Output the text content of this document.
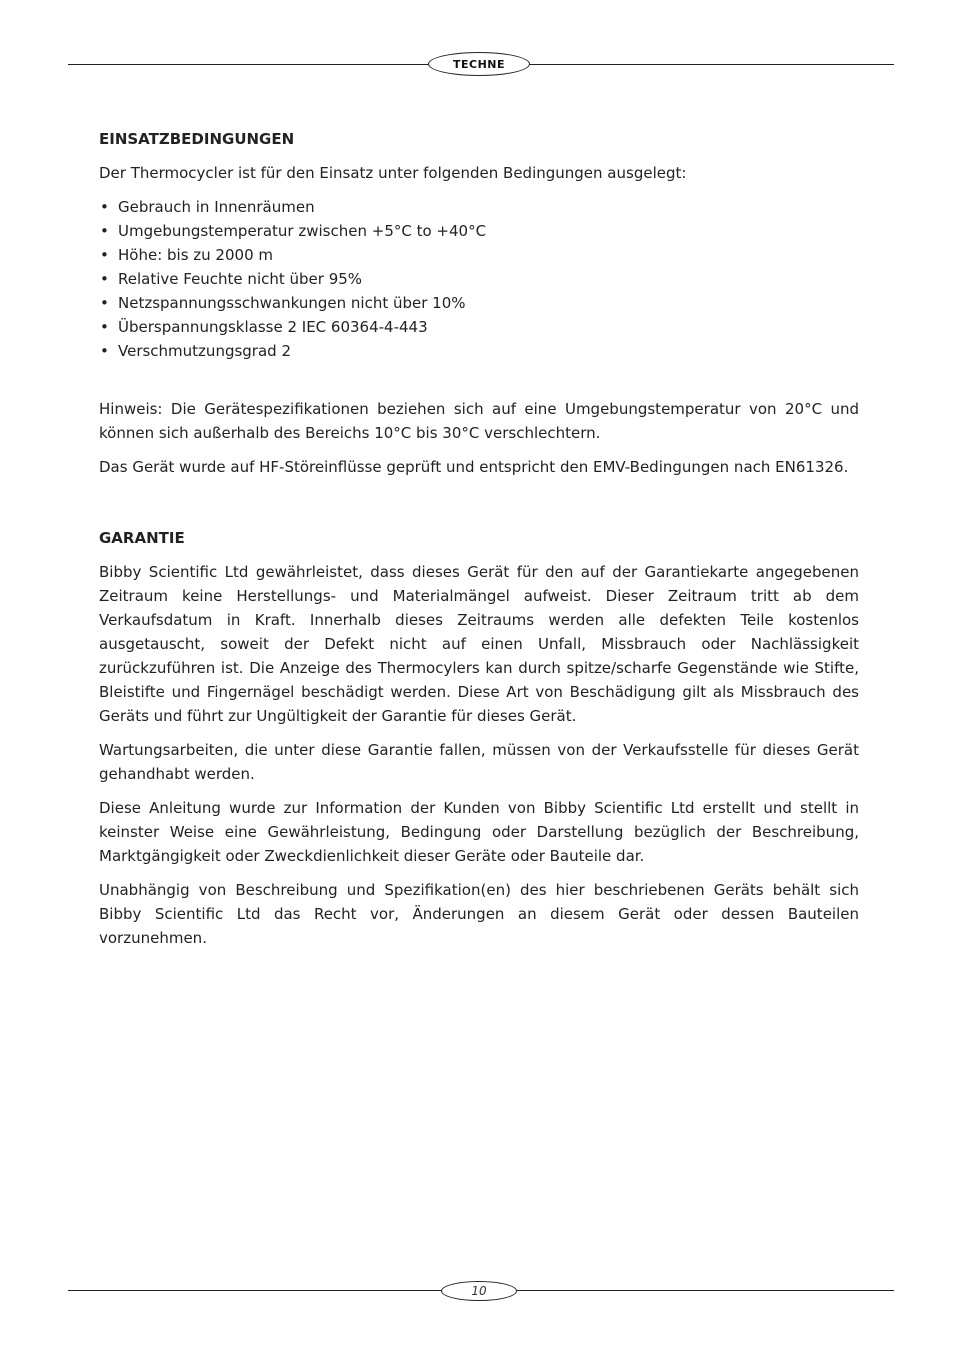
TECHNE
EINSATZBEDINGUNGEN

Der Thermocycler ist für den Einsatz unter folgenden Bedingungen ausgelegt:

• Gebrauch in Innenräumen
• Umgebungstemperatur zwischen +5°C to +40°C
• Höhe: bis zu 2000 m
• Relative Feuchte nicht über 95%
• Netzspannungsschwankungen nicht über 10%
• Überspannungsklasse 2 IEC 60364-4-443
• Verschmutzungsgrad 2

Hinweis: Die Gerätespezifikationen beziehen sich auf eine Umgebungstemperatur von 20°C und können sich außerhalb des Bereichs 10°C bis 30°C verschlechtern.

Das Gerät wurde auf HF-Störeinflüsse geprüft und entspricht den EMV-Bedingungen nach EN61326.

GARANTIE

Bibby Scientific Ltd gewährleistet, dass dieses Gerät für den auf der Garantiekarte angegebenen Zeitraum keine Herstellungs- und Materialmängel aufweist. Dieser Zeitraum tritt ab dem Verkaufsdatum in Kraft. Innerhalb dieses Zeitraums werden alle defekten Teile kostenlos ausgetauscht, soweit der Defekt nicht auf einen Unfall, Missbrauch oder Nachlässigkeit zurückzuführen ist. Die Anzeige des Thermocylers kan durch spitze/scharfe Gegenstände wie Stifte, Bleistifte und Fingernägel beschädigt werden. Diese Art von Beschädigung gilt als Missbrauch des Geräts und führt zur Ungültigkeit der Garantie für dieses Gerät.

Wartungsarbeiten, die unter diese Garantie fallen, müssen von der Verkaufsstelle für dieses Gerät gehandhabt werden.

Diese Anleitung wurde zur Information der Kunden von Bibby Scientific Ltd erstellt und stellt in keinster Weise eine Gewährleistung, Bedingung oder Darstellung bezüglich der Beschreibung, Marktgängigkeit oder Zweckdienlichkeit dieser Geräte oder Bauteile dar.

Unabhängig von Beschreibung und Spezifikation(en) des hier beschriebenen Geräts behält sich Bibby Scientific Ltd das Recht vor, Änderungen an diesem Gerät oder dessen Bauteilen vorzunehmen.

10
